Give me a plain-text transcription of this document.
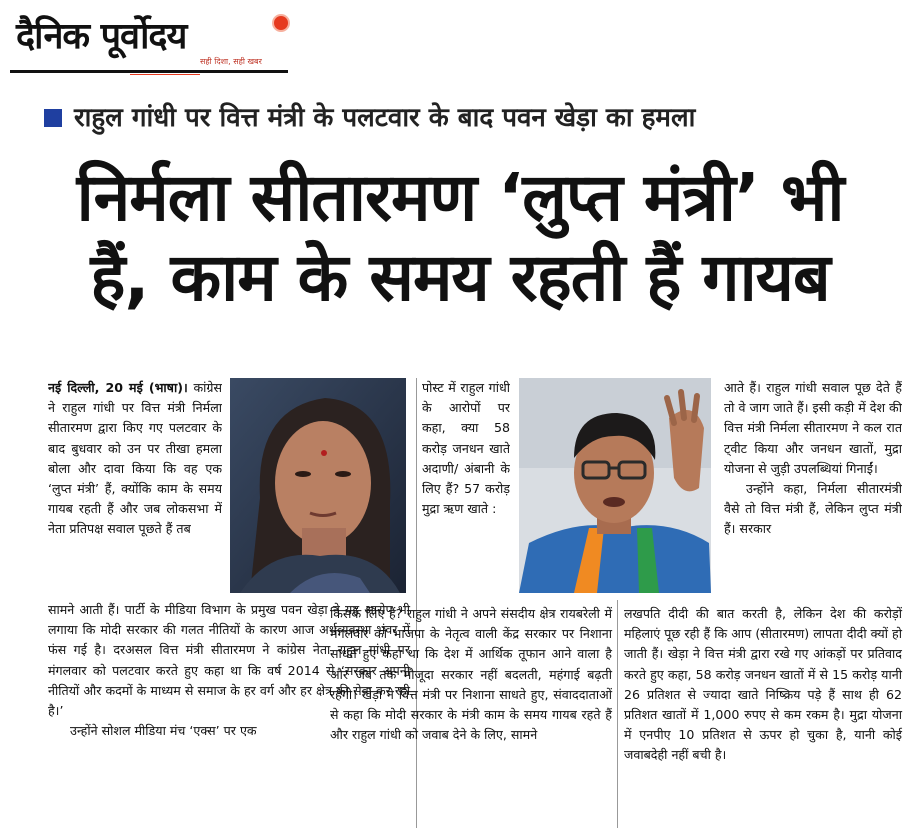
दैनिक पूर्वोदय
सही दिशा, सही खबर
राहुल गांधी पर वित्त मंत्री के पलटवार के बाद पवन खेड़ा का हमला
निर्मला सीतारमण ‘लुप्त मंत्री’ भी
हैं, काम के समय रहती हैं गायब

नई दिल्ली, 20 मई (भाषा)। कांग्रेस ने राहुल गांधी पर वित्त मंत्री निर्मला सीतारमण द्वारा किए गए पलटवार के बाद बुधवार को उन पर तीखा हमला बोला और दावा किया कि वह एक ‘लुप्त मंत्री’ हैं, क्योंकि काम के समय गायब रहती हैं और जब लोकसभा में नेता प्रतिपक्ष सवाल पूछते हैं तब

सामने आती हैं। पार्टी के मीडिया विभाग के प्रमुख पवन खेड़ा ने यह आरोप भी लगाया कि मोदी सरकार की गलत नीतियों के कारण आज अर्थव्यवस्था भंवर में फंस गई है। दरअसल वित्त मंत्री सीतारमण ने कांग्रेस नेता राहुल गांधी पर मंगलवार को पलटवार करते हुए कहा था कि वर्ष 2014 से ‘सरकार अपनी नीतियों और कदमों के माध्यम से समाज के हर वर्ग और हर क्षेत्र की सेवा कर रही है।’

उन्होंने सोशल मीडिया मंच ‘एक्स’ पर एक

पोस्ट में राहुल गांधी के आरोपों पर कहा, क्या 58 करोड़ जनधन खाते अदाणी/ अंबानी के लिए हैं? 57 करोड़ मुद्रा ऋण खाते :

किसके लिए हैं? राहुल गांधी ने अपने संसदीय क्षेत्र रायबरेली में मंगलवार को भाजपा के नेतृत्व वाली केंद्र सरकार पर निशाना साधते हुए कहा था कि देश में आर्थिक तूफान आने वाला है और जब तक मौजूदा सरकार नहीं बदलती, महंगाई बढ़ती रहेगी। खेड़ा ने वित्त मंत्री पर निशाना साधते हुए, संवाददाताओं से कहा कि मोदी सरकार के मंत्री काम के समय गायब रहते हैं और राहुल गांधी को जवाब देने के लिए, सामने

आते हैं। राहुल गांधी सवाल पूछ देते हैं तो वे जाग जाते हैं। इसी कड़ी में देश की वित्त मंत्री निर्मला सीतारमण ने कल रात ट्वीट किया और जनधन खातों, मुद्रा योजना से जुड़ी उपलब्धियां गिनाईं।

उन्होंने कहा, निर्मला सीतारमंत्री वैसे तो वित्त मंत्री हैं, लेकिन लुप्त मंत्री हैं। सरकार

लखपति दीदी की बात करती है, लेकिन देश की करोड़ों महिलाएं पूछ रही हैं कि आप (सीतारमण) लापता दीदी क्यों हो जाती हैं। खेड़ा ने वित्त मंत्री द्वारा रखे गए आंकड़ों पर प्रतिवाद करते हुए कहा, 58 करोड़ जनधन खातों में से 15 करोड़ यानी 26 प्रतिशत से ज्यादा खाते निष्क्रिय पड़े हैं साथ ही 62 प्रतिशत खातों में 1,000 रुपए से कम रकम है। मुद्रा योजना में एनपीए 10 प्रतिशत से ऊपर हो चुका है, यानी कोई जवाबदेही नहीं बची है।
